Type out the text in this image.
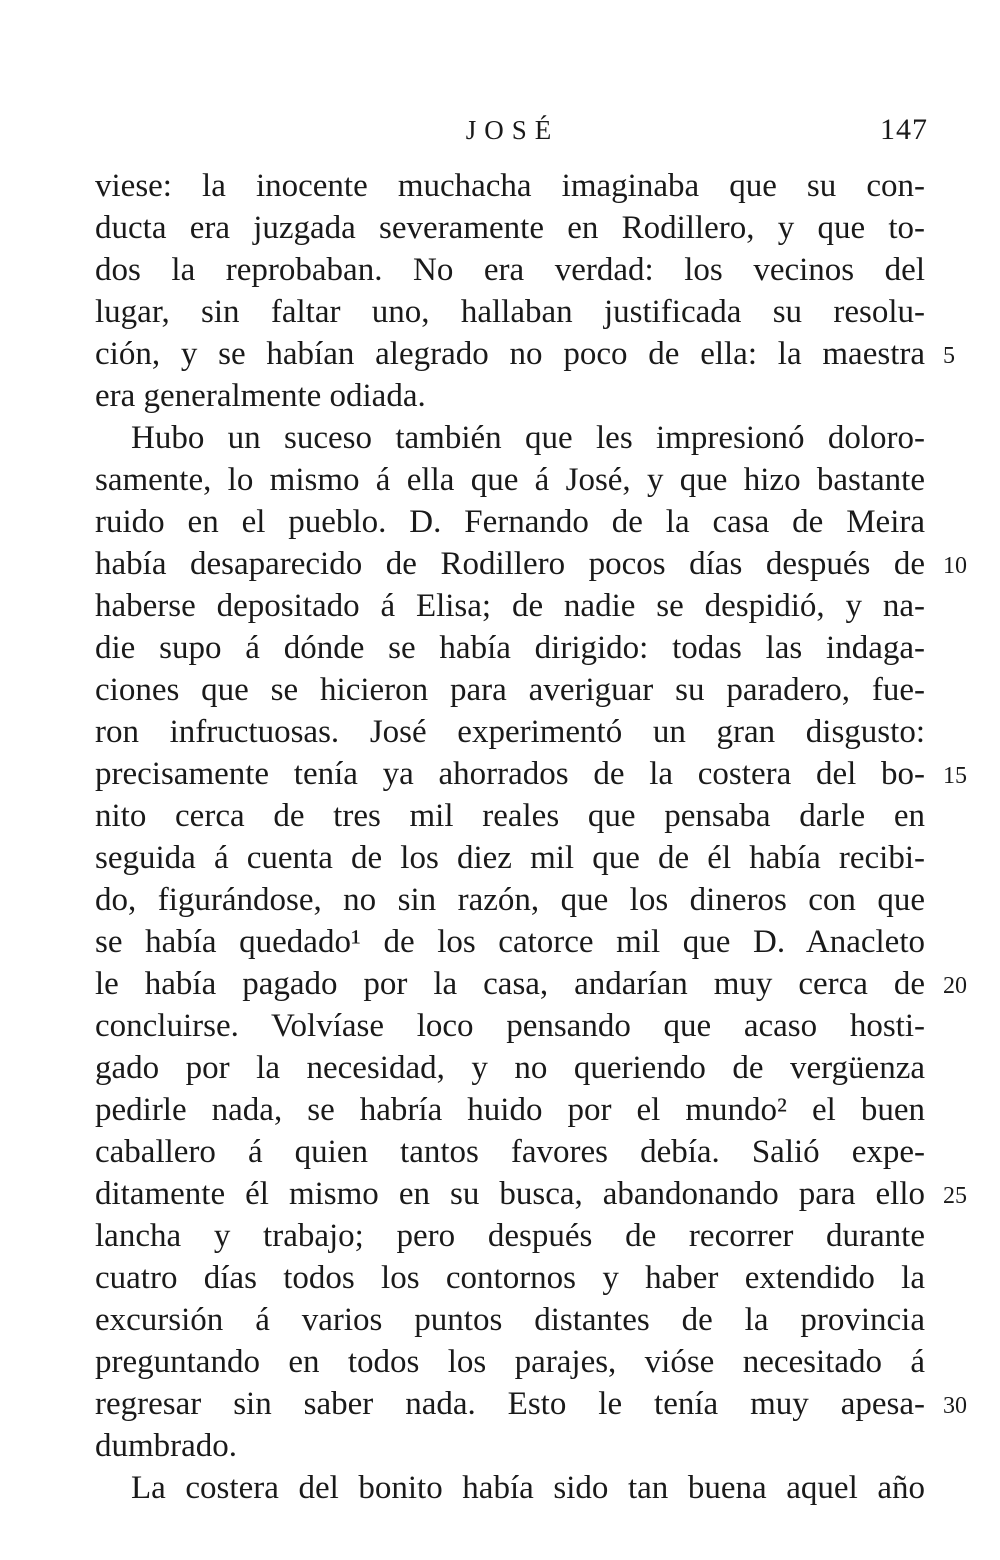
JOSÉ	147
viese: la inocente muchacha imaginaba que su con-
ducta era juzgada severamente en Rodillero, y que to-
dos la reprobaban. No era verdad: los vecinos del
lugar, sin faltar uno, hallaban justificada su resolu-
ción, y se habían alegrado no poco de ella: la maestra 5
era generalmente odiada.
Hubo un suceso también que les impresionó doloro-
samente, lo mismo á ella que á José, y que hizo bastante
ruido en el pueblo. D. Fernando de la casa de Meira
había desaparecido de Rodillero pocos días después de 10
haberse depositado á Elisa; de nadie se despidió, y na-
die supo á dónde se había dirigido: todas las indaga-
ciones que se hicieron para averiguar su paradero, fue-
ron infructuosas. José experimentó un gran disgusto:
precisamente tenía ya ahorrados de la costera del bo- 15
nito cerca de tres mil reales que pensaba darle en
seguida á cuenta de los diez mil que de él había recibi-
do, figurándose, no sin razón, que los dineros con que
se había quedado¹ de los catorce mil que D. Anacleto
le había pagado por la casa, andarían muy cerca de 20
concluirse. Volvíase loco pensando que acaso hosti-
gado por la necesidad, y no queriendo de vergüenza
pedirle nada, se habría huido por el mundo² el buen
caballero á quien tantos favores debía. Salió expe-
ditamente él mismo en su busca, abandonando para ello 25
lancha y trabajo; pero después de recorrer durante
cuatro días todos los contornos y haber extendido la
excursión á varios puntos distantes de la provincia
preguntando en todos los parajes, vióse necesitado á
regresar sin saber nada. Esto le tenía muy apesa- 30
dumbrado.
La costera del bonito había sido tan buena aquel año
